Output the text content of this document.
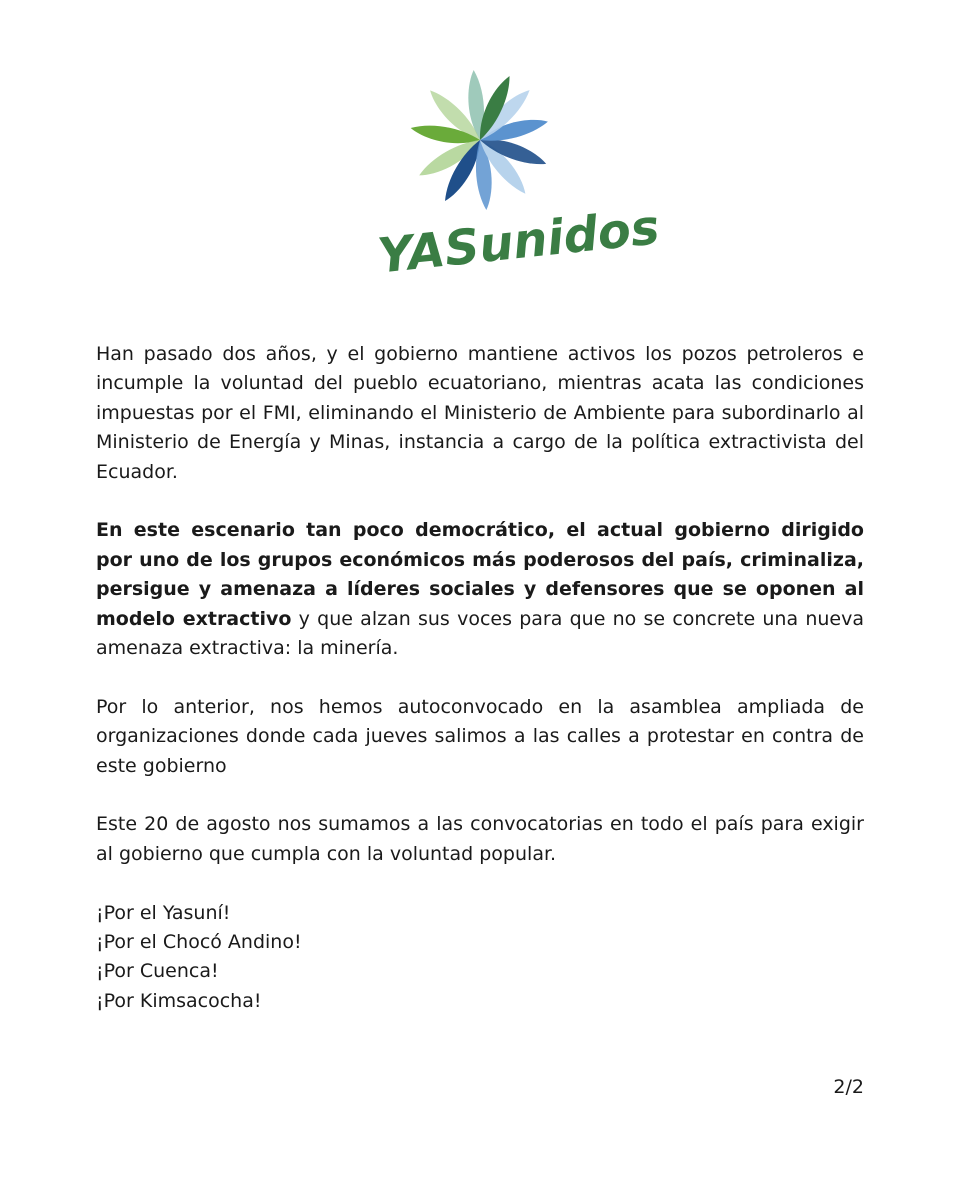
YASunidos

Han pasado dos años, y el gobierno mantiene activos los pozos petroleros e incumple la voluntad del pueblo ecuatoriano, mientras acata las condiciones impuestas por el FMI, eliminando el Ministerio de Ambiente para subordinarlo al Ministerio de Energía y Minas, instancia a cargo de la política extractivista del Ecuador.

En este escenario tan poco democrático, el actual gobierno dirigido por uno de los grupos económicos más poderosos del país, criminaliza, persigue y amenaza a líderes sociales y defensores que se oponen al modelo extractivo y que alzan sus voces para que no se concrete una nueva amenaza extractiva: la minería.

Por lo anterior, nos hemos autoconvocado en la asamblea ampliada de organizaciones donde cada jueves salimos a las calles a protestar en contra de este gobierno

Este 20 de agosto nos sumamos a las convocatorias en todo el país para exigir al gobierno que cumpla con la voluntad popular.

¡Por el Yasuní!
¡Por el Chocó Andino!
¡Por Cuenca!
¡Por Kimsacocha!
2/2
